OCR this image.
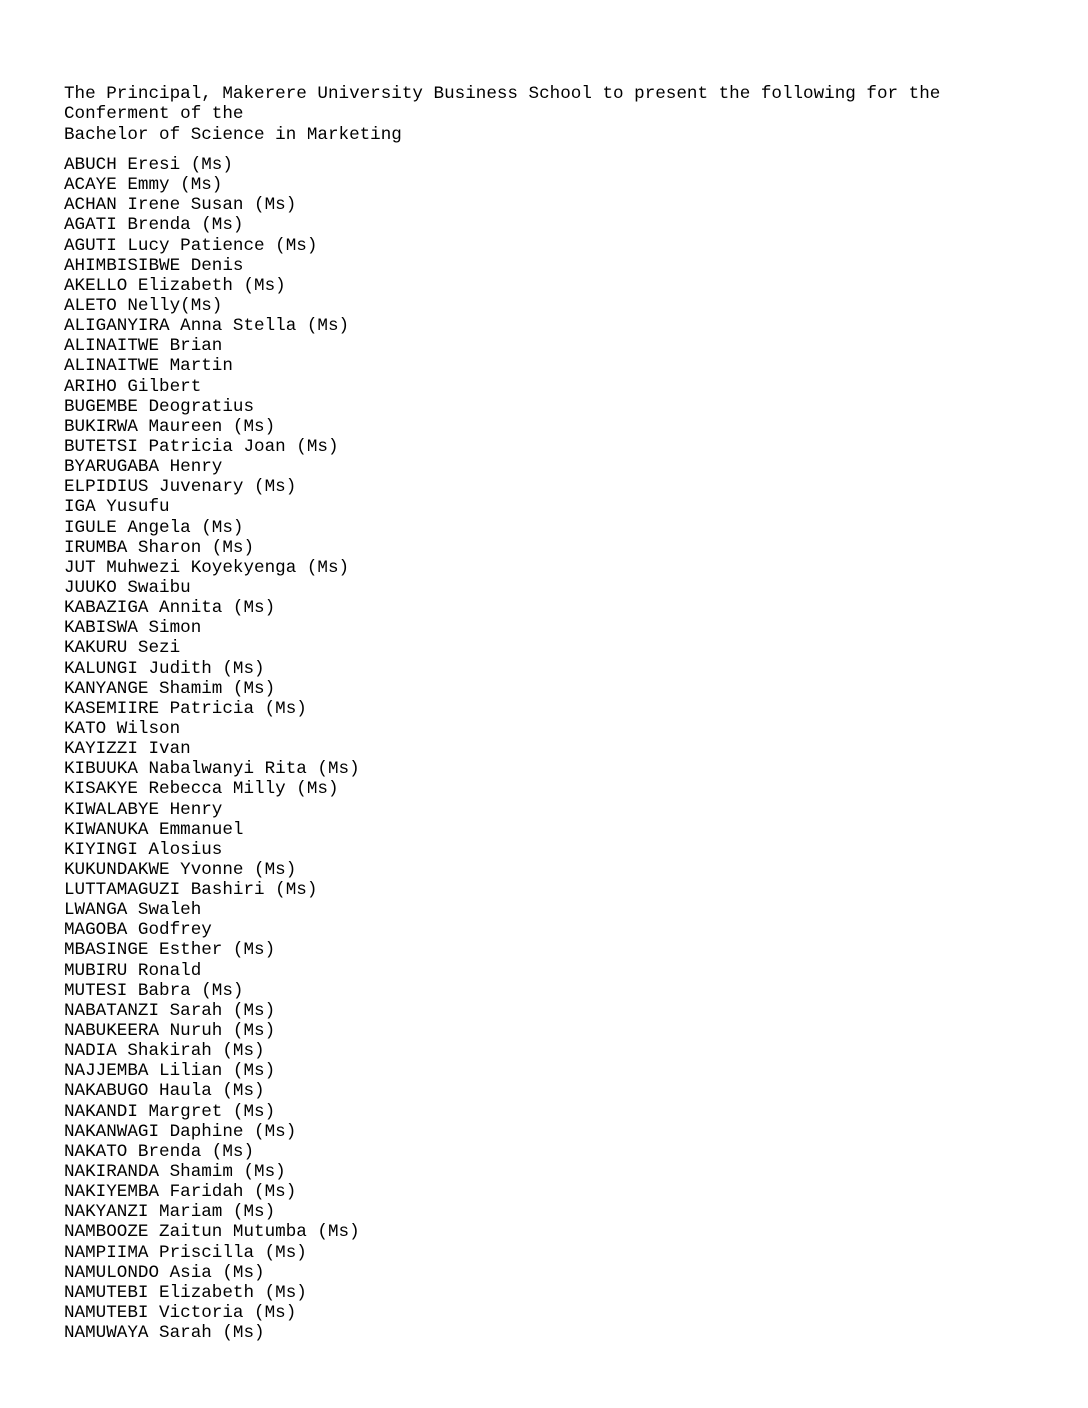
The Principal, Makerere University Business School to present the following for the
Conferment of the
Bachelor of Science in Marketing
ABUCH Eresi (Ms)
ACAYE Emmy (Ms)
ACHAN Irene Susan (Ms)
AGATI Brenda (Ms)
AGUTI Lucy Patience (Ms)
AHIMBISIBWE Denis
AKELLO Elizabeth (Ms)
ALETO Nelly(Ms)
ALIGANYIRA Anna Stella (Ms)
ALINAITWE Brian
ALINAITWE Martin
ARIHO Gilbert
BUGEMBE Deogratius
BUKIRWA Maureen (Ms)
BUTETSI Patricia Joan (Ms)
BYARUGABA Henry
ELPIDIUS Juvenary (Ms)
IGA Yusufu
IGULE Angela (Ms)
IRUMBA Sharon (Ms)
JUT Muhwezi Koyekyenga (Ms)
JUUKO Swaibu
KABAZIGA Annita (Ms)
KABISWA Simon
KAKURU Sezi
KALUNGI Judith (Ms)
KANYANGE Shamim (Ms)
KASEMIIRE Patricia (Ms)
KATO Wilson
KAYIZZI Ivan
KIBUUKA Nabalwanyi Rita (Ms)
KISAKYE Rebecca Milly (Ms)
KIWALABYE Henry
KIWANUKA Emmanuel
KIYINGI Alosius
KUKUNDAKWE Yvonne (Ms)
LUTTAMAGUZI Bashiri (Ms)
LWANGA Swaleh
MAGOBA Godfrey
MBASINGE Esther (Ms)
MUBIRU Ronald
MUTESI Babra (Ms)
NABATANZI Sarah (Ms)
NABUKEERA Nuruh (Ms)
NADIA Shakirah (Ms)
NAJJEMBA Lilian (Ms)
NAKABUGO Haula (Ms)
NAKANDI Margret (Ms)
NAKANWAGI Daphine (Ms)
NAKATO Brenda (Ms)
NAKIRANDA Shamim (Ms)
NAKIYEMBA Faridah (Ms)
NAKYANZI Mariam (Ms)
NAMBOOZE Zaitun Mutumba (Ms)
NAMPIIMA Priscilla (Ms)
NAMULONDO Asia (Ms)
NAMUTEBI Elizabeth (Ms)
NAMUTEBI Victoria (Ms)
NAMUWAYA Sarah (Ms)
